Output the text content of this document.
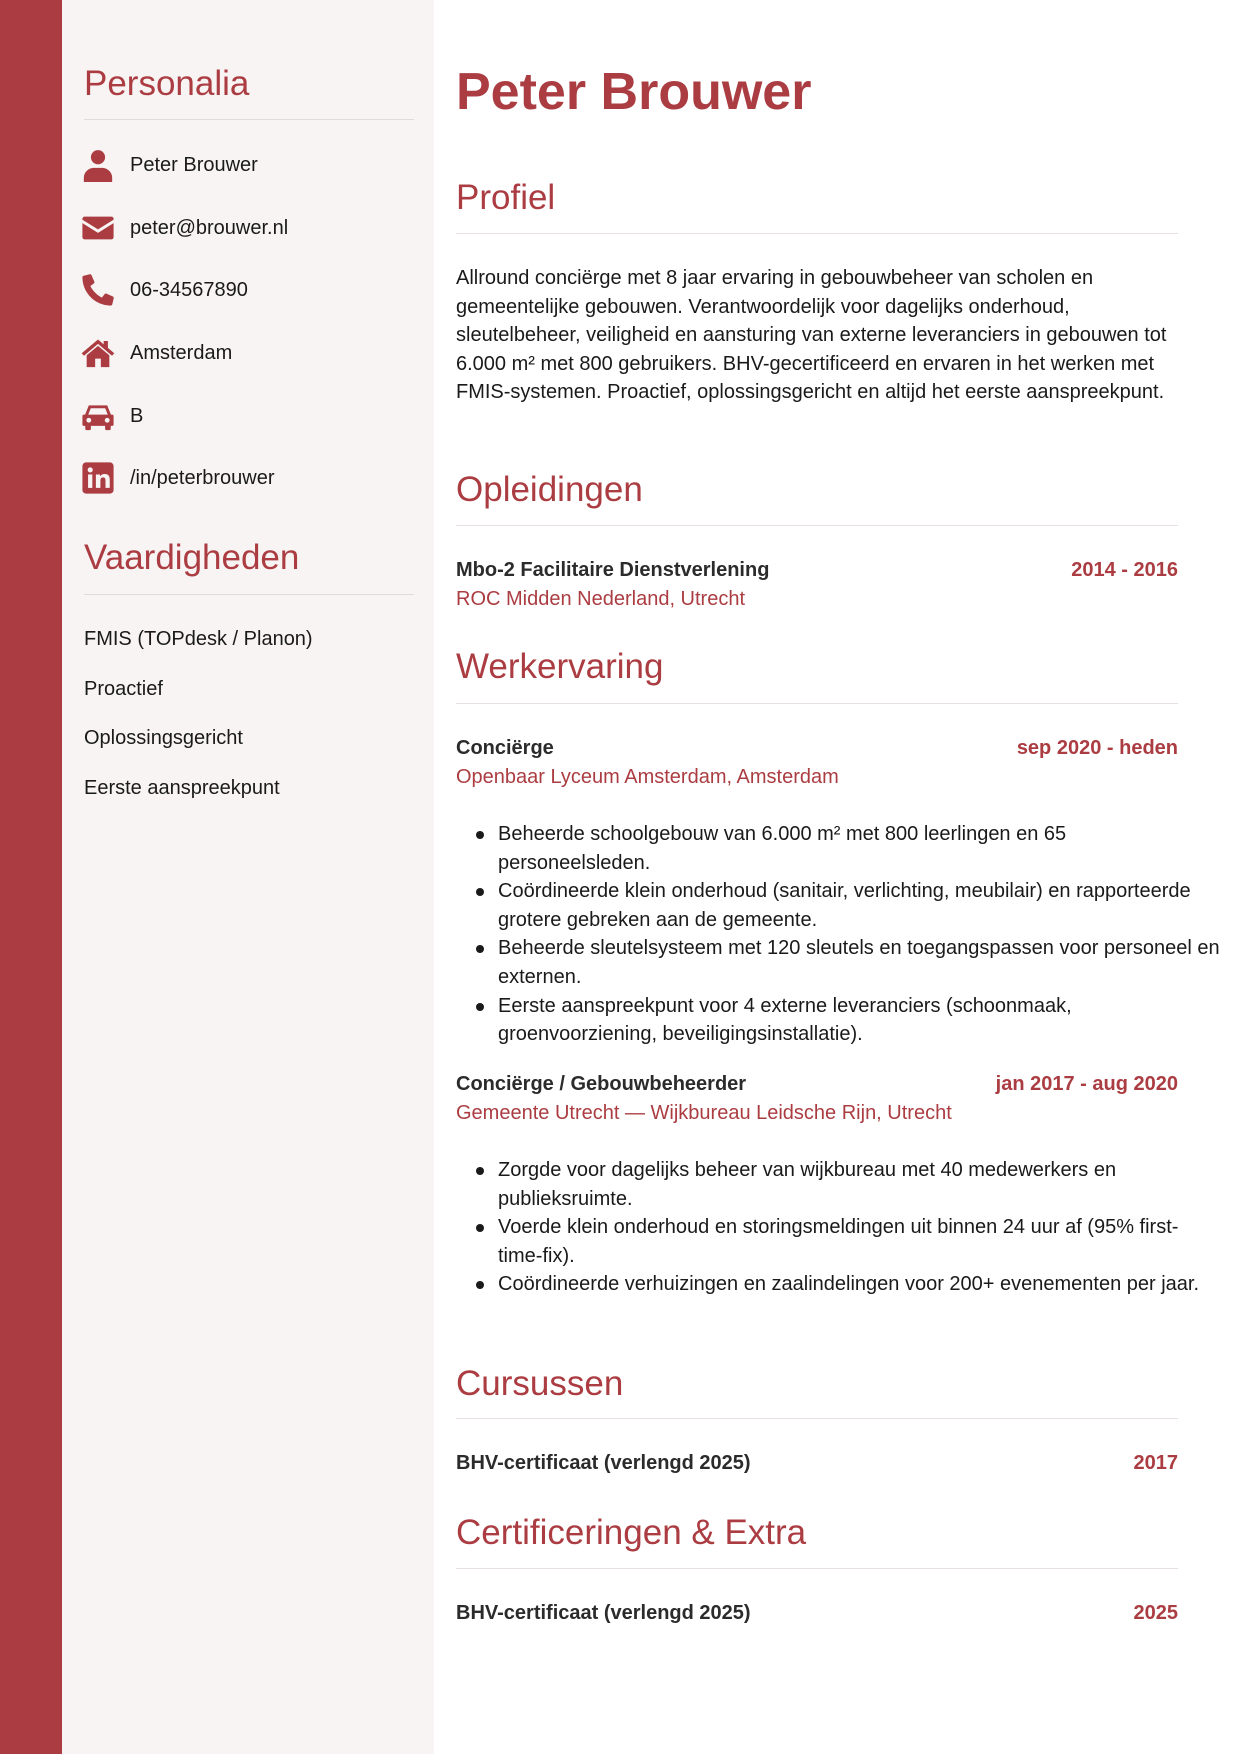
Personalia
Peter Brouwer
peter@brouwer.nl
06-34567890
Amsterdam
B
/in/peterbrouwer
Vaardigheden
FMIS (TOPdesk / Planon)
Proactief
Oplossingsgericht
Eerste aanspreekpunt
Peter Brouwer
Profiel

Allround conciërge met 8 jaar ervaring in gebouwbeheer van scholen en gemeentelijke gebouwen. Verantwoordelijk voor dagelijks onderhoud, sleutelbeheer, veiligheid en aansturing van externe leveranciers in gebouwen tot 6.000 m² met 800 gebruikers. BHV-gecertificeerd en ervaren in het werken met FMIS-systemen. Proactief, oplossingsgericht en altijd het eerste aanspreekpunt.

Opleidingen
Mbo-2 Facilitaire Dienstverlening	2014 - 2016
ROC Midden Nederland, Utrecht
Werkervaring
Conciërge	sep 2020 - heden
Openbaar Lyceum Amsterdam, Amsterdam
Beheerde schoolgebouw van 6.000 m² met 800 leerlingen en 65 personeelsleden.
Coördineerde klein onderhoud (sanitair, verlichting, meubilair) en rapporteerde grotere gebreken aan de gemeente.
Beheerde sleutelsysteem met 120 sleutels en toegangspassen voor personeel en externen.
Eerste aanspreekpunt voor 4 externe leveranciers (schoonmaak, groenvoorziening, beveiligingsinstallatie).
Conciërge / Gebouwbeheerder	jan 2017 - aug 2020
Gemeente Utrecht — Wijkbureau Leidsche Rijn, Utrecht
Zorgde voor dagelijks beheer van wijkbureau met 40 medewerkers en publieksruimte.
Voerde klein onderhoud en storingsmeldingen uit binnen 24 uur af (95% first-time-fix).
Coördineerde verhuizingen en zaalindelingen voor 200+ evenementen per jaar.
Cursussen
BHV-certificaat (verlengd 2025)	2017
Certificeringen & Extra
BHV-certificaat (verlengd 2025)	2025
